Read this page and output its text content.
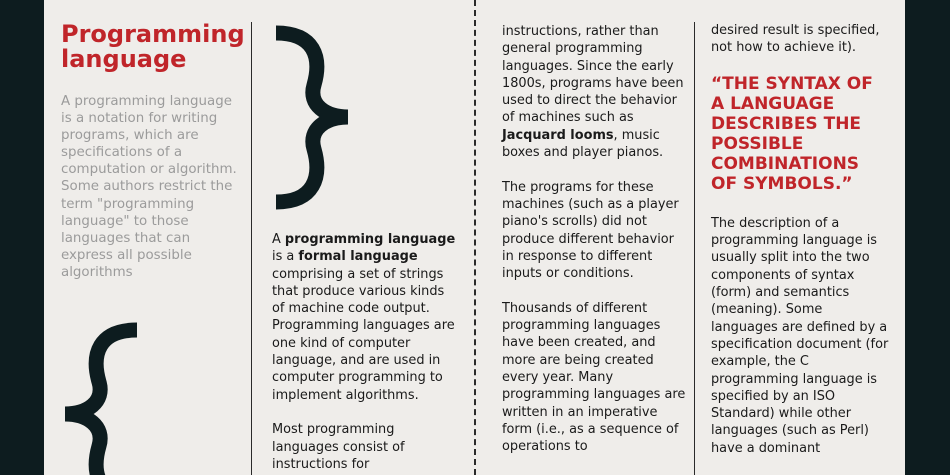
Programming language

A programming language is a notation for writing programs, which are specifications of a computation or algorithm. Some authors restrict the term "programming language" to those languages that can express all possible algorithms

A programming language is a formal language comprising a set of strings that produce various kinds of machine code output. Programming languages are one kind of computer language, and are used in computer programming to implement algorithms.

Most programming languages consist of instructions for

instructions, rather than general programming languages. Since the early 1800s, programs have been used to direct the behavior of machines such as Jacquard looms, music boxes and player pianos.

The programs for these machines (such as a player piano's scrolls) did not produce different behavior in response to different inputs or conditions.

Thousands of different programming languages have been created, and more are being created every year. Many programming languages are written in an imperative form (i.e., as a sequence of operations to

desired result is specified, not how to achieve it).

“THE SYNTAX OF A LANGUAGE DESCRIBES THE POSSIBLE COMBINATIONS OF SYMBOLS.”

The description of a programming language is usually split into the two components of syntax (form) and semantics (meaning). Some languages are defined by a specification document (for example, the C programming language is specified by an ISO Standard) while other languages (such as Perl) have a dominant
